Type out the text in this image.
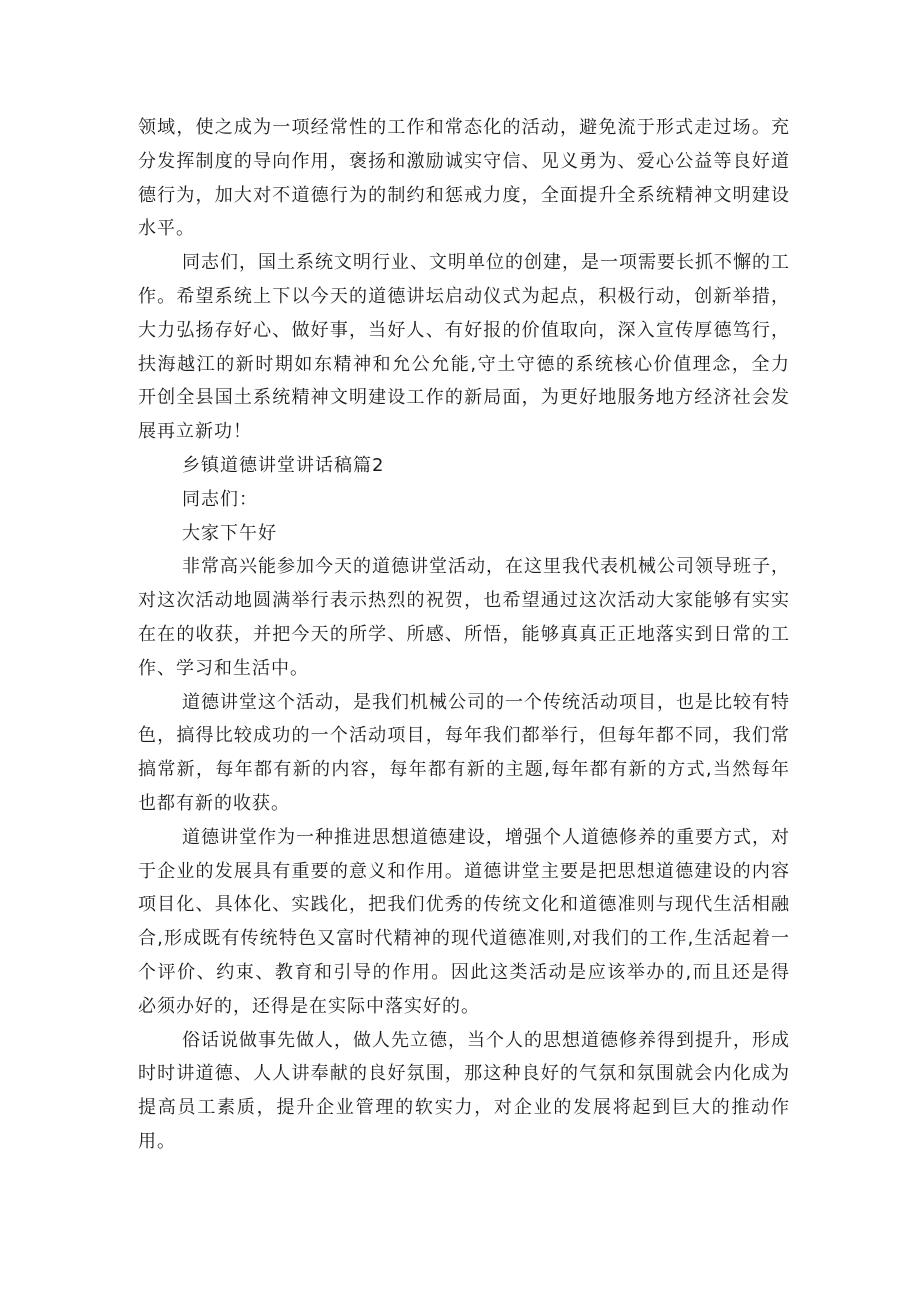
领域，使之成为一项经常性的工作和常态化的活动，避免流于形式走过场。充分发挥制度的导向作用，褒扬和激励诚实守信、见义勇为、爱心公益等良好道德行为，加大对不道德行为的制约和惩戒力度，全面提升全系统精神文明建设水平。

同志们，国土系统文明行业、文明单位的创建，是一项需要长抓不懈的工作。希望系统上下以今天的道德讲坛启动仪式为起点，积极行动，创新举措，大力弘扬存好心、做好事，当好人、有好报的价值取向，深入宣传厚德笃行，扶海越江的新时期如东精神和允公允能,守土守德的系统核心价值理念，全力开创全县国土系统精神文明建设工作的新局面，为更好地服务地方经济社会发展再立新功！

乡镇道德讲堂讲话稿篇2

同志们：

大家下午好

非常高兴能参加今天的道德讲堂活动，在这里我代表机械公司领导班子，对这次活动地圆满举行表示热烈的祝贺，也希望通过这次活动大家能够有实实在在的收获，并把今天的所学、所感、所悟，能够真真正正地落实到日常的工作、学习和生活中。

道德讲堂这个活动，是我们机械公司的一个传统活动项目，也是比较有特色，搞得比较成功的一个活动项目，每年我们都举行，但每年都不同，我们常搞常新，每年都有新的内容，每年都有新的主题,每年都有新的方式,当然每年也都有新的收获。

道德讲堂作为一种推进思想道德建设，增强个人道德修养的重要方式，对于企业的发展具有重要的意义和作用。道德讲堂主要是把思想道德建设的内容项目化、具体化、实践化，把我们优秀的传统文化和道德准则与现代生活相融合,形成既有传统特色又富时代精神的现代道德准则,对我们的工作,生活起着一个评价、约束、教育和引导的作用。因此这类活动是应该举办的,而且还是得必须办好的，还得是在实际中落实好的。

俗话说做事先做人，做人先立德，当个人的思想道德修养得到提升，形成时时讲道德、人人讲奉献的良好氛围，那这种良好的气氛和氛围就会内化成为提高员工素质，提升企业管理的软实力，对企业的发展将起到巨大的推动作用。
